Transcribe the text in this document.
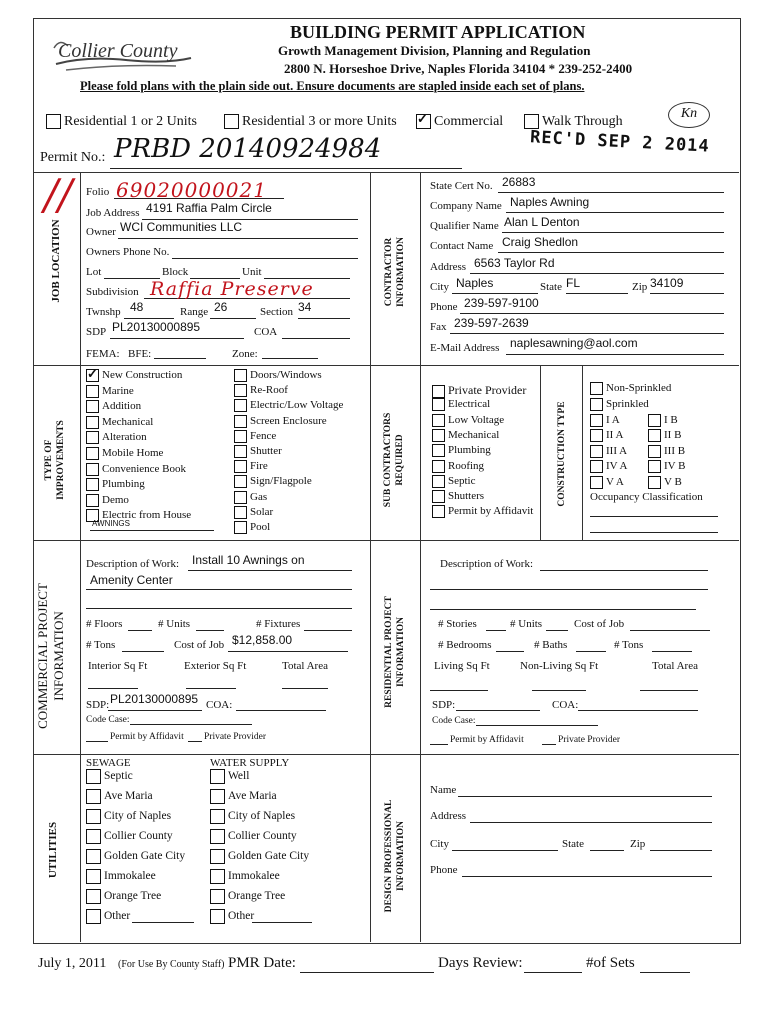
Collier County
BUILDING PERMIT APPLICATION
Growth Management Division, Planning and Regulation
2800 N. Horseshoe Drive, Naples Florida 34104 * 239-252-2400
Please fold plans with the plain side out. Ensure documents are stapled inside each set of plans.
Residential 1 or 2 Units	Residential 3 or more Units
✓	Commercial	Walk Through
Kn
REC'D SEP 2 2014
Permit No.: PRBD 20140924984
JOB LOCATION
// Folio 69020000021
Job Address 4191 Raffia Palm Circle
Owner WCI Communities LLC
Owners Phone No.
Lot	Block	Unit
Subdivision Raffia Preserve
Twnshp 48	Range 26	Section 34
SDP PL20130000895	COA
FEMA: BFE:	Zone:
CONTRACTOR INFORMATION
State Cert No. 26883
Company Name Naples Awning
Qualifier Name Alan L Denton
Contact Name Craig Shedlon
Address 6563 Taylor Rd
City Naples	State FL	Zip 34109
Phone 239-597-9100
Fax 239-597-2639
E-Mail Address naplesawning@aol.com
TYPE OF IMPROVEMENTS
✓New Construction
Marine
Addition
Mechanical
Alteration
Mobile Home
Convenience Book
Plumbing
Demo
Electric from House
Doors/Windows
Re-Roof
Electric/Low Voltage
Screen Enclosure
Fence
Shutter
Fire
Sign/Flagpole
Gas
Solar
Pool
AWNINGS
SUB CONTRACTORS REQUIRED
Private Provider
Electrical
Low Voltage
Mechanical
Plumbing
Roofing
Septic
Shutters
Permit by Affidavit
CONSTRUCTION TYPE
Non-Sprinkled
Sprinkled
I A
II A
III A
IV A
V A
I B
II B
III B
IV B
V B
Occupancy Classification
COMMERCIAL PROJECT INFORMATION
Description of Work: Install 10 Awnings on
Amenity Center
# Floors	# Units	# Fixtures
# Tons	Cost of Job $12,858.00
Interior Sq Ft	Exterior Sq Ft	Total Area
SDP: PL20130000895 COA:
Code Case:
Permit by Affidavit Private Provider
RESIDENTIAL PROJECT INFORMATION
Description of Work:
# Stories	# Units	Cost of Job
# Bedrooms	# Baths	# Tons
Living Sq Ft	Non-Living Sq Ft	Total Area
SDP:	COA:
Code Case:
Permit by Affidavit	Private Provider
UTILITIES
SEWAGE	WATER SUPPLY
Septic
Ave Maria
City of Naples
Collier County
Golden Gate City
Immokalee
Orange Tree
Other
Well
Ave Maria
City of Naples
Collier County
Golden Gate City
Immokalee
Orange Tree
Other
DESIGN PROFESSIONAL INFORMATION
Name
Address
City	State	Zip
Phone
July 1, 2011 (For Use By County Staff) PMR Date:	Days Review:	#of Sets
